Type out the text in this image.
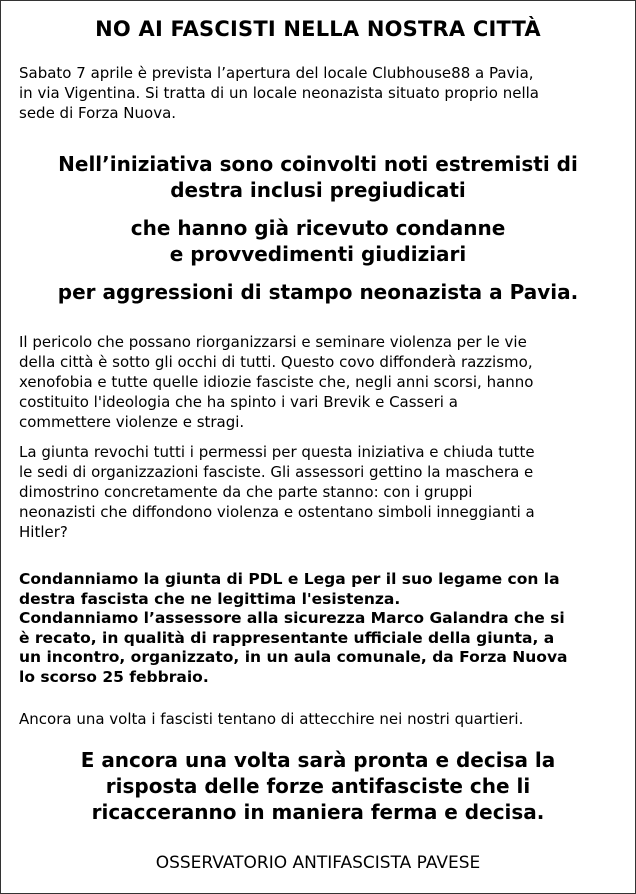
NO AI FASCISTI NELLA NOSTRA CITTÀ

Sabato 7 aprile è prevista l’apertura del locale Clubhouse88 a Pavia,
in via Vigentina. Si tratta di un locale neonazista situato proprio nella
sede di Forza Nuova.

Nell’iniziativa sono coinvolti noti estremisti di
destra inclusi pregiudicati
che hanno già ricevuto condanne
e provvedimenti giudiziari
per aggressioni di stampo neonazista a Pavia.

Il pericolo che possano riorganizzarsi e seminare violenza per le vie
della città è sotto gli occhi di tutti. Questo covo diffonderà razzismo,
xenofobia e tutte quelle idiozie fasciste che, negli anni scorsi, hanno
costituito l'ideologia che ha spinto i vari Brevik e Casseri a
commettere violenze e stragi.

La giunta revochi tutti i permessi per questa iniziativa e chiuda tutte
le sedi di organizzazioni fasciste. Gli assessori gettino la maschera e
dimostrino concretamente da che parte stanno: con i gruppi
neonazisti che diffondono violenza e ostentano simboli inneggianti a
Hitler?

Condanniamo la giunta di PDL e Lega per il suo legame con la
destra fascista che ne legittima l'esistenza.
Condanniamo l’assessore alla sicurezza Marco Galandra che si
è recato, in qualità di rappresentante ufficiale della giunta, a
un incontro, organizzato, in un aula comunale, da Forza Nuova
lo scorso 25 febbraio.

Ancora una volta i fascisti tentano di attecchire nei nostri quartieri.

E ancora una volta sarà pronta e decisa la
risposta delle forze antifasciste che li
ricacceranno in maniera ferma e decisa.
OSSERVATORIO ANTIFASCISTA PAVESE
